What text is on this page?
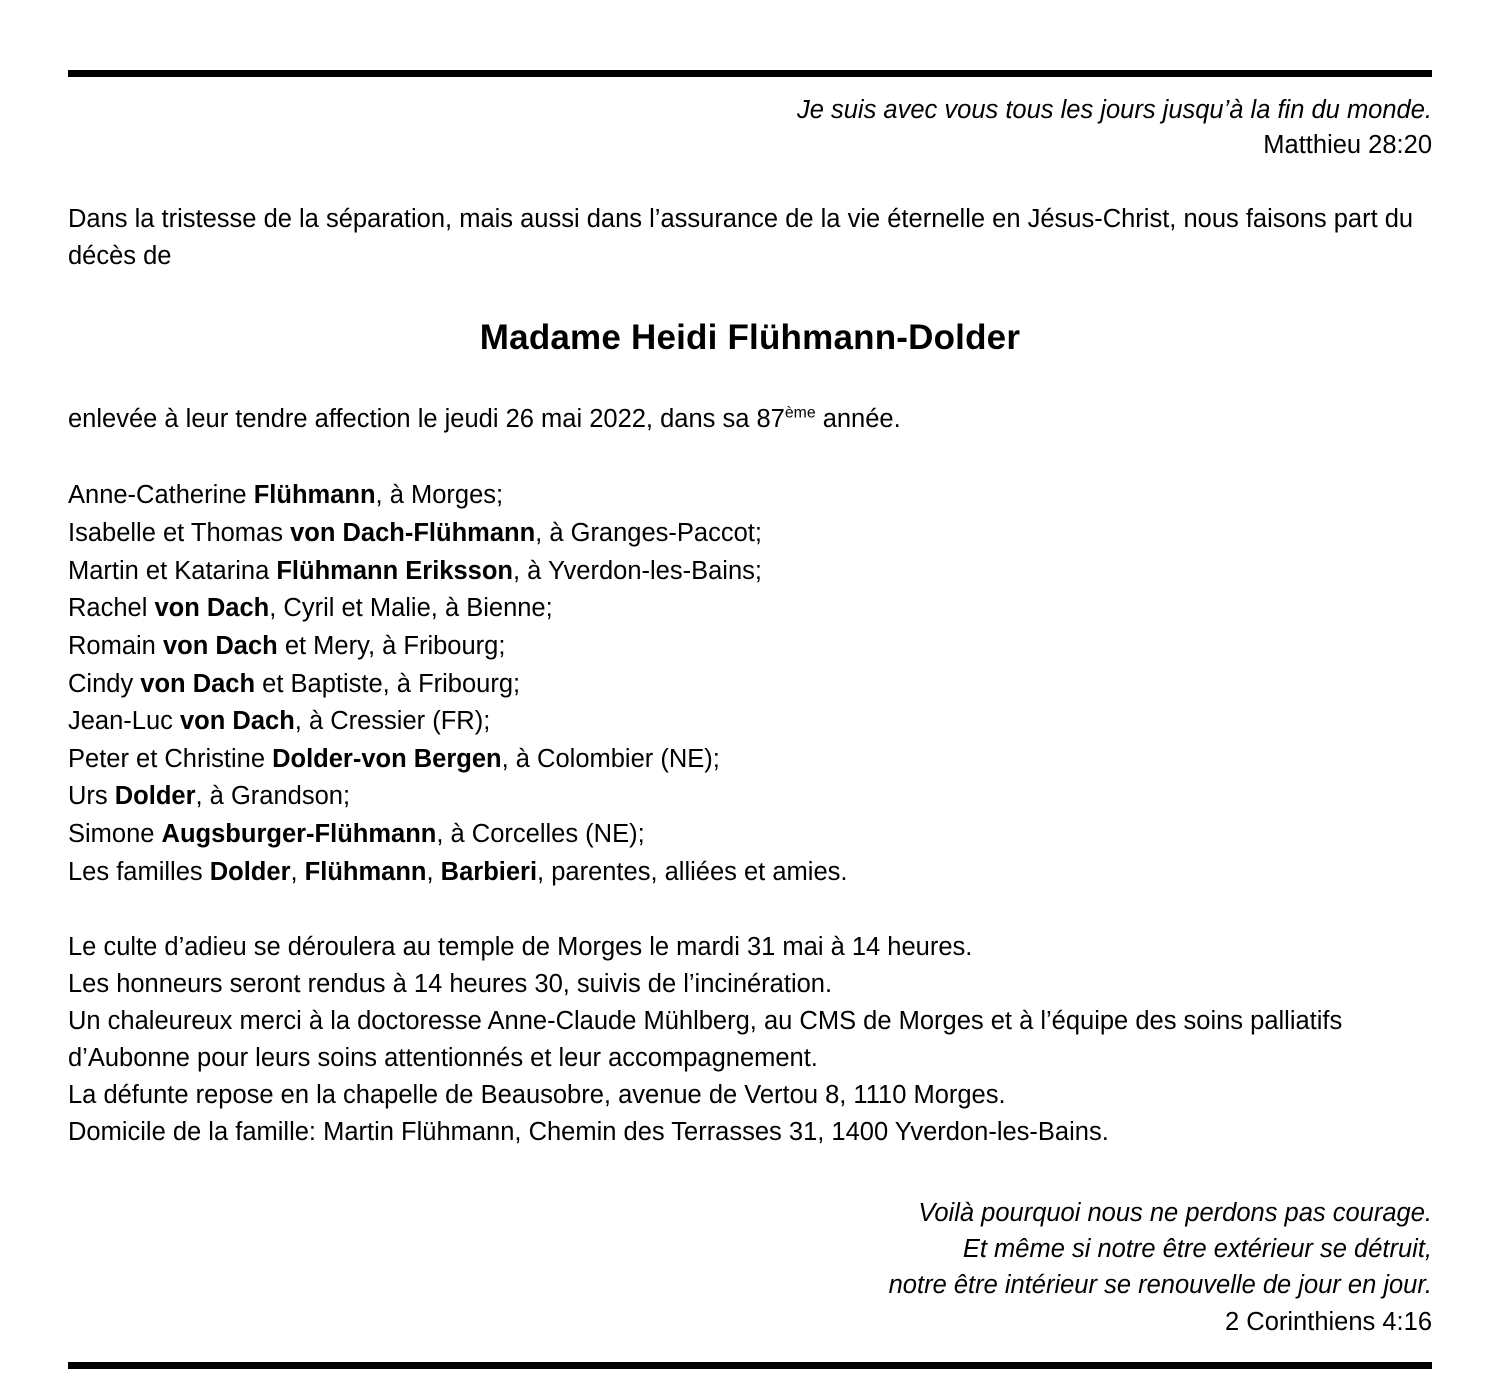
Je suis avec vous tous les jours jusqu’à la fin du monde.
Matthieu 28:20
Dans la tristesse de la séparation, mais aussi dans l’assurance de la vie éternelle en Jésus-Christ, nous faisons part du décès de
Madame Heidi Flühmann-Dolder
enlevée à leur tendre affection le jeudi 26 mai 2022, dans sa 87ème année.
Anne-Catherine Flühmann, à Morges;
Isabelle et Thomas von Dach-Flühmann, à Granges-Paccot;
Martin et Katarina Flühmann Eriksson, à Yverdon-les-Bains;
Rachel von Dach, Cyril et Malie, à Bienne;
Romain von Dach et Mery, à Fribourg;
Cindy von Dach et Baptiste, à Fribourg;
Jean-Luc von Dach, à Cressier (FR);
Peter et Christine Dolder-von Bergen, à Colombier (NE);
Urs Dolder, à Grandson;
Simone Augsburger-Flühmann, à Corcelles (NE);
Les familles Dolder, Flühmann, Barbieri, parentes, alliées et amies.
Le culte d’adieu se déroulera au temple de Morges le mardi 31 mai à 14 heures.
Les honneurs seront rendus à 14 heures 30, suivis de l’incinération.
Un chaleureux merci à la doctoresse Anne-Claude Mühlberg, au CMS de Morges et à l’équipe des soins palliatifs d’Aubonne pour leurs soins attentionnés et leur accompagnement.
La défunte repose en la chapelle de Beausobre, avenue de Vertou 8, 1110 Morges.
Domicile de la famille: Martin Flühmann, Chemin des Terrasses 31, 1400 Yverdon-les-Bains.
Voilà pourquoi nous ne perdons pas courage.
Et même si notre être extérieur se détruit,
notre être intérieur se renouvelle de jour en jour.
2 Corinthiens 4:16
